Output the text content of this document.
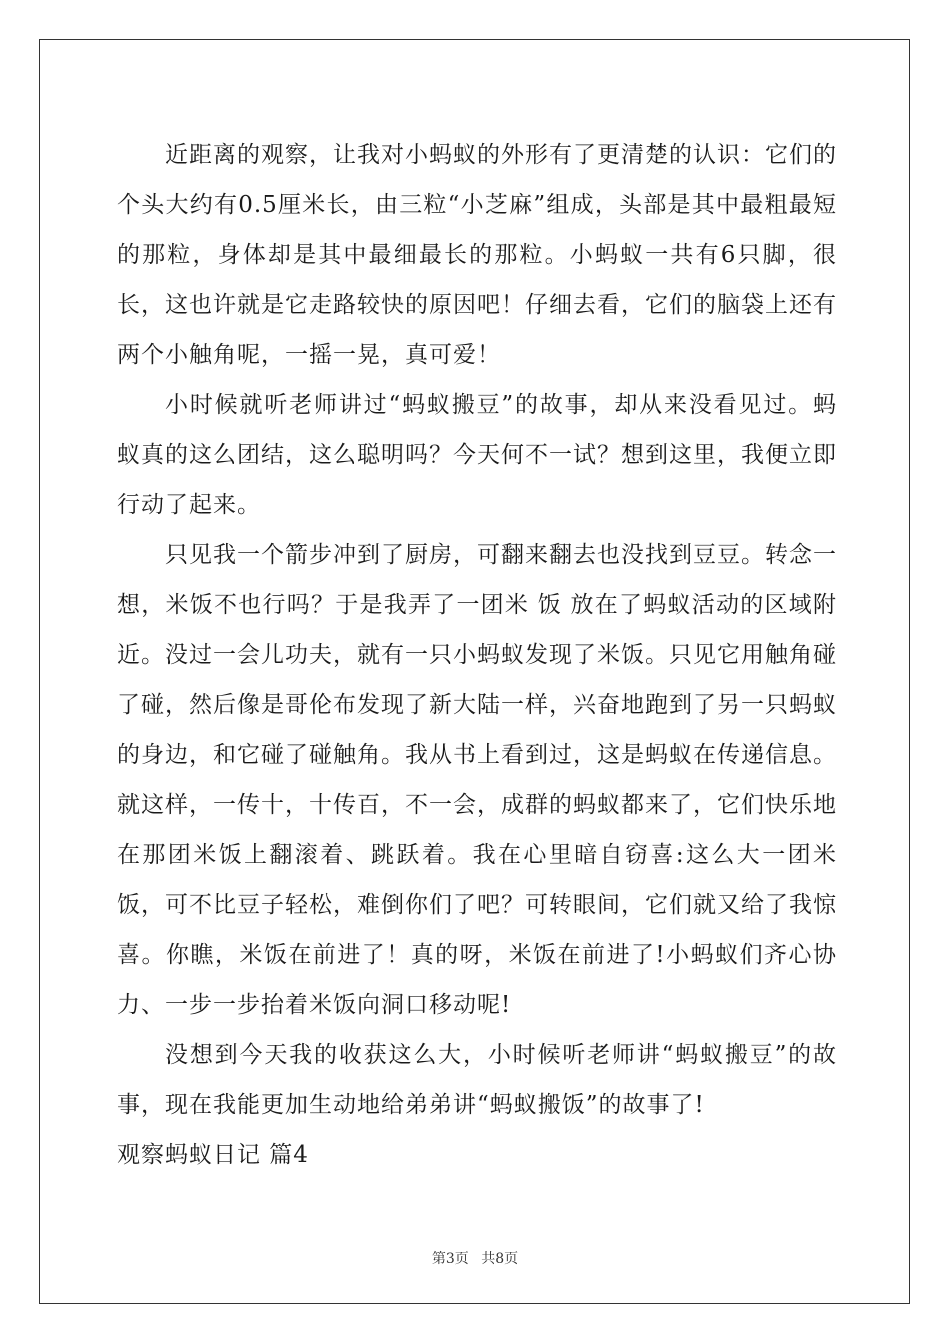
近距离的观察，让我对小蚂蚁的外形有了更清楚的认识：它们的个头大约有0.5厘米长，由三粒“小芝麻”组成，头部是其中最粗最短的那粒，身体却是其中最细最长的那粒。小蚂蚁一共有6只脚，很长，这也许就是它走路较快的原因吧！仔细去看，它们的脑袋上还有两个小触角呢，一摇一晃，真可爱！

小时候就听老师讲过“蚂蚁搬豆”的故事，却从来没看见过。蚂蚁真的这么团结，这么聪明吗？今天何不一试？想到这里，我便立即行动了起来。

只见我一个箭步冲到了厨房，可翻来翻去也没找到豆豆。转念一想，米饭不也行吗？于是我弄了一团米 饭 放在了蚂蚁活动的区域附近。没过一会儿功夫，就有一只小蚂蚁发现了米饭。只见它用触角碰了碰，然后像是哥伦布发现了新大陆一样，兴奋地跑到了另一只蚂蚁的身边，和它碰了碰触角。我从书上看到过，这是蚂蚁在传递信息。就这样，一传十，十传百，不一会，成群的蚂蚁都来了，它们快乐地在那团米饭上翻滚着、跳跃着。我在心里暗自窃喜:这么大一团米饭，可不比豆子轻松，难倒你们了吧？可转眼间，它们就又给了我惊喜。你瞧，米饭在前进了！真的呀，米饭在前进了!小蚂蚁们齐心协力、一步一步抬着米饭向洞口移动呢!

没想到今天我的收获这么大，小时候听老师讲“蚂蚁搬豆”的故事，现在我能更加生动地给弟弟讲“蚂蚁搬饭”的故事了!

观察蚂蚁日记 篇4

第3页 共8页
